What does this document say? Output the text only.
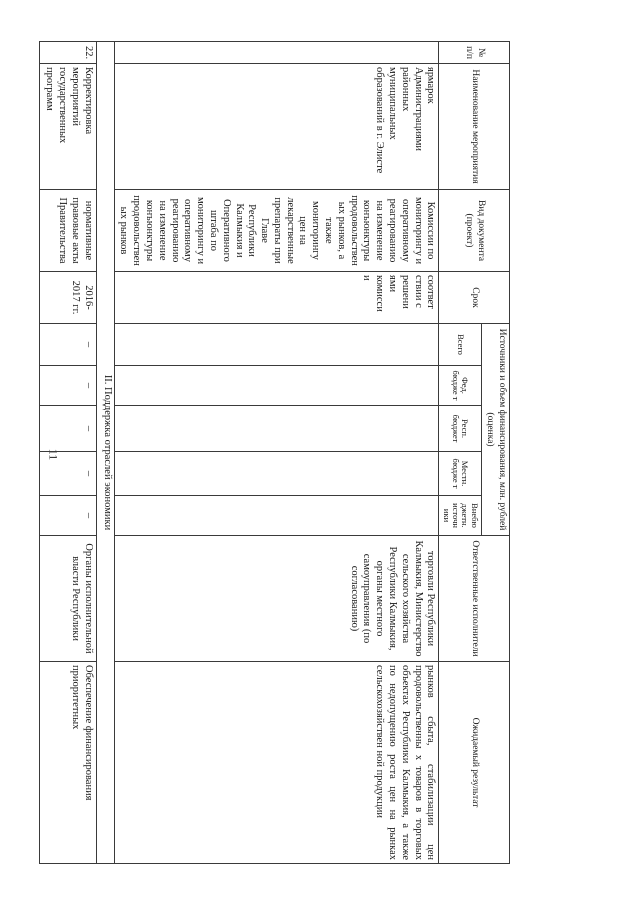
11
№ п/п	Наименование мероприятия	Вид документа (проект)	Срок	Источники и объем финансирования, млн. рублей (оценка)					Ответственные исполнители	Ожидаемый результат
				Всего	Фед. бюдже т	Респ. бюджет	Местн. бюдже т	Внебю джетн. источн ики		
	ярмарок Администрациями районных муниципальных образований в г. Элисте	Комиссии по мониторингу и оперативному реагированию на изменение конъюнктуры продовольствен ых рынков, а также мониторингу цен на лекарственные препараты при Главе Республики Калмыкия и Оперативного штаба по мониторингу и оперативному реагированию на изменение конъюнктуры продовольствен ых рынков	соответ ствии с решени ями комисси и						торговли Республики Калмыкия, Министерство сельского хозяйства Республики Калмыкия, органы местного самоуправления (по согласованию)	рынков сбыта, стабилизации цен продовольственны х товаров в торговых объектах Республики Калмыкия, а также по недопущению роста цен на рынках сельскохозяйствен ной продукции
II. Поддержка отраслей экономики										
22.	Корректировка мероприятий государственных программ	нормативные правовые акты Правительства	2016-2017 гг.	–	–	–	–	–	Органы исполнительной власти Республики	Обеспечение финансирования приоритетных
